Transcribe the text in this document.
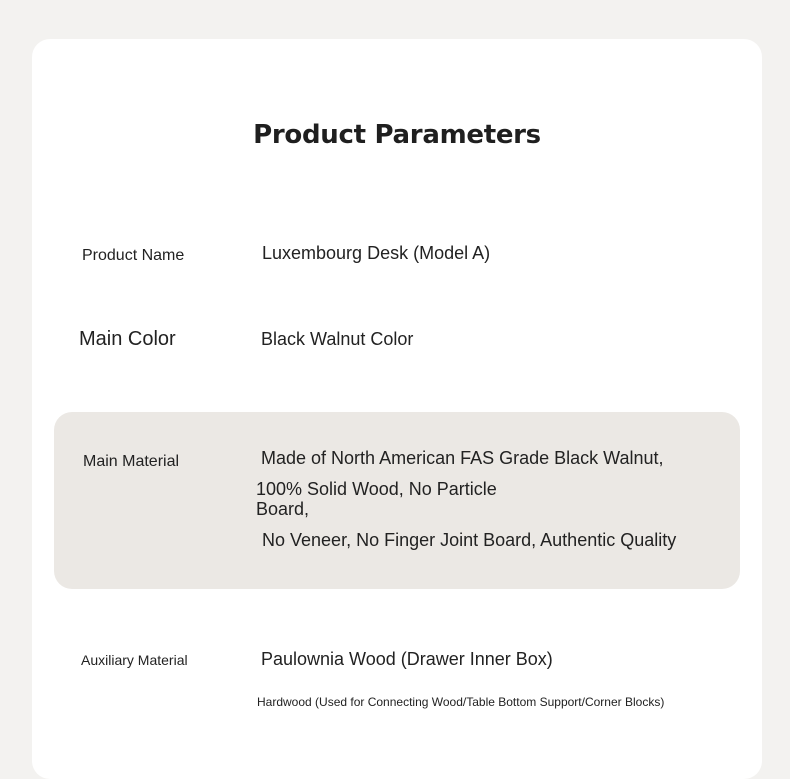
Product Parameters
Product Name	Luxembourg Desk (Model A)
Main Color	Black Walnut Color
Main Material	Made of North American FAS Grade Black Walnut,
100% Solid Wood, No Particle
Board,
No Veneer, No Finger Joint Board, Authentic Quality
Auxiliary Material	Paulownia Wood (Drawer Inner Box)
Hardwood (Used for Connecting Wood/Table Bottom Support/Corner Blocks)
